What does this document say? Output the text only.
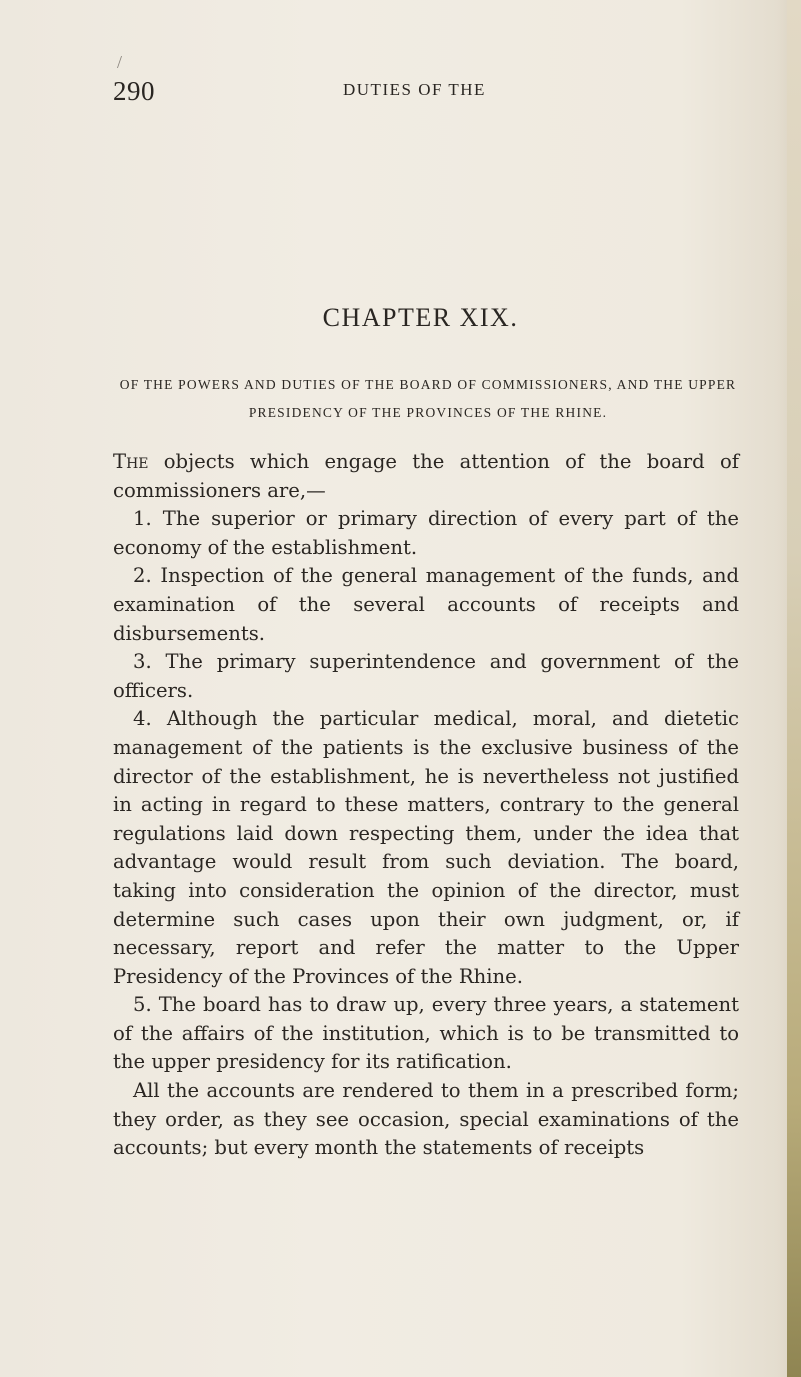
/
290	DUTIES OF THE
CHAPTER XIX.
OF THE POWERS AND DUTIES OF THE BOARD OF COMMISSIONERS, AND THE UPPER PRESIDENCY OF THE PROVINCES OF THE RHINE.

The objects which engage the attention of the board of commissioners are,—

1. The superior or primary direction of every part of the economy of the establishment.

2. Inspection of the general management of the funds, and examination of the several accounts of receipts and disbursements.

3. The primary superintendence and government of the officers.

4. Although the particular medical, moral, and dietetic management of the patients is the exclusive business of the director of the establishment, he is nevertheless not justified in acting in regard to these matters, contrary to the general regulations laid down respecting them, under the idea that advantage would result from such deviation. The board, taking into consideration the opinion of the director, must determine such cases upon their own judgment, or, if necessary, report and refer the matter to the Upper Presidency of the Provinces of the Rhine.

5. The board has to draw up, every three years, a statement of the affairs of the institution, which is to be transmitted to the upper presidency for its ratification.

All the accounts are rendered to them in a prescribed form; they order, as they see occasion, special examinations of the accounts; but every month the statements of receipts
